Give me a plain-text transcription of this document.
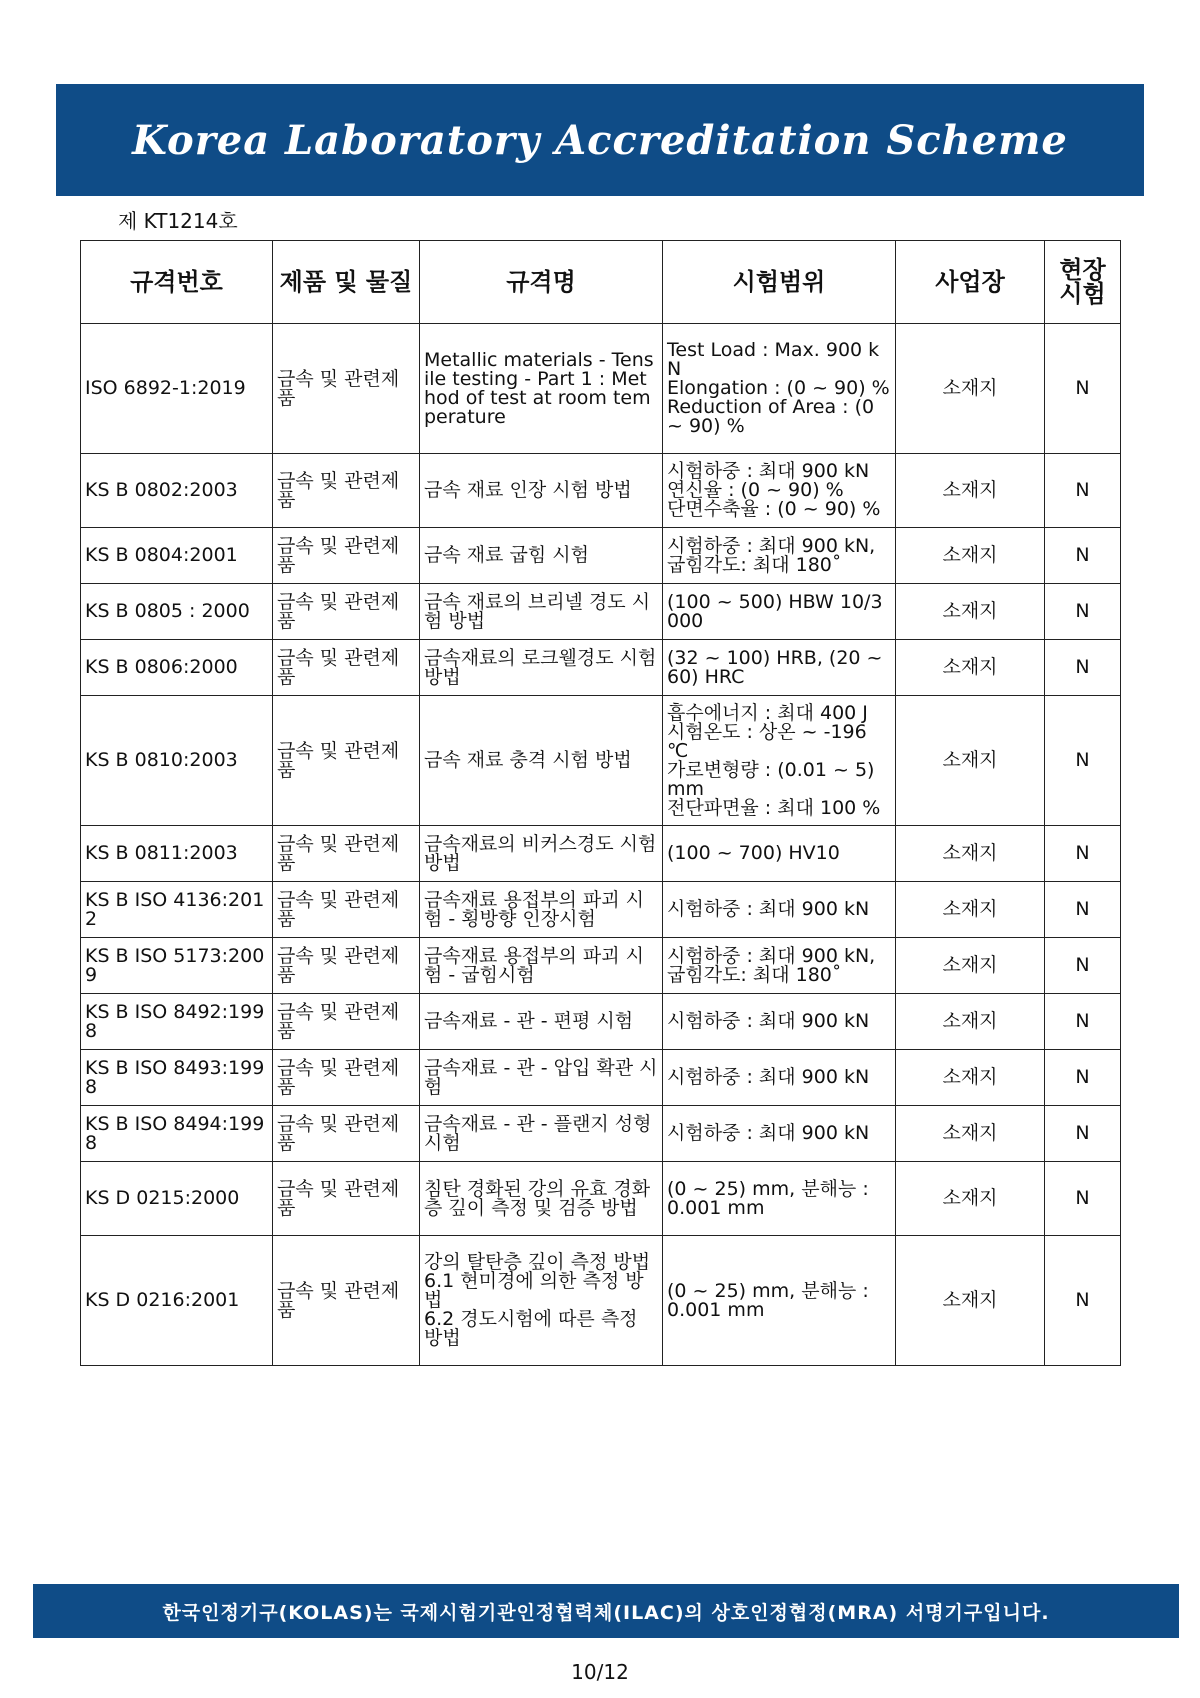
Korea Laboratory Accreditation Scheme
제 KT1214호
규격번호	제품 및 물질	규격명	시험범위	사업장	현장
시험
ISO 6892-1:2019	금속 및 관련제품	Metallic materials - Tensile testing - Part 1 : Method of test at room temperature	Test Load : Max. 900 kN
Elongation : (0 ~ 90) %
Reduction of Area : (0 ~ 90) %	소재지	N
KS B 0802:2003	금속 및 관련제품	금속 재료 인장 시험 방법	시험하중 : 최대 900 kN
연신율 : (0 ~ 90) %
단면수축율 : (0 ~ 90) %	소재지	N
KS B 0804:2001	금속 및 관련제품	금속 재료 굽힘 시험	시험하중 : 최대 900 kN,
굽힘각도: 최대 180˚	소재지	N
KS B 0805 : 2000	금속 및 관련제품	금속 재료의 브리넬 경도 시험 방법	(100 ~ 500) HBW 10/3000	소재지	N
KS B 0806:2000	금속 및 관련제품	금속재료의 로크웰경도 시험 방법	(32 ~ 100) HRB, (20 ~ 60) HRC	소재지	N
KS B 0810:2003	금속 및 관련제품	금속 재료 충격 시험 방법	흡수에너지 : 최대 400 J
시험온도 : 상온 ~ -196 ℃
가로변형량 : (0.01 ~ 5) mm
전단파면율 : 최대 100 %	소재지	N
KS B 0811:2003	금속 및 관련제품	금속재료의 비커스경도 시험방법	(100 ~ 700) HV10	소재지	N
KS B ISO 4136:2012	금속 및 관련제품	금속재료 용접부의 파괴 시험 - 횡방향 인장시험	시험하중 : 최대 900 kN	소재지	N
KS B ISO 5173:2009	금속 및 관련제품	금속재료 용접부의 파괴 시험 - 굽힘시험	시험하중 : 최대 900 kN,
굽힘각도: 최대 180˚	소재지	N
KS B ISO 8492:1998	금속 및 관련제품	금속재료 - 관 - 편평 시험	시험하중 : 최대 900 kN	소재지	N
KS B ISO 8493:1998	금속 및 관련제품	금속재료 - 관 - 압입 확관 시험	시험하중 : 최대 900 kN	소재지	N
KS B ISO 8494:1998	금속 및 관련제품	금속재료 - 관 - 플랜지 성형 시험	시험하중 : 최대 900 kN	소재지	N
KS D 0215:2000	금속 및 관련제품	침탄 경화된 강의 유효 경화층 깊이 측정 및 검증 방법	(0 ~ 25) mm, 분해능 : 0.001 mm	소재지	N
KS D 0216:2001	금속 및 관련제품	강의 탈탄층 깊이 측정 방법
6.1 현미경에 의한 측정 방법
6.2 경도시험에 따른 측정 방법	(0 ~ 25) mm, 분해능 : 0.001 mm	소재지	N
한국인정기구(KOLAS)는 국제시험기관인정협력체(ILAC)의 상호인정협정(MRA) 서명기구입니다.
10/12
